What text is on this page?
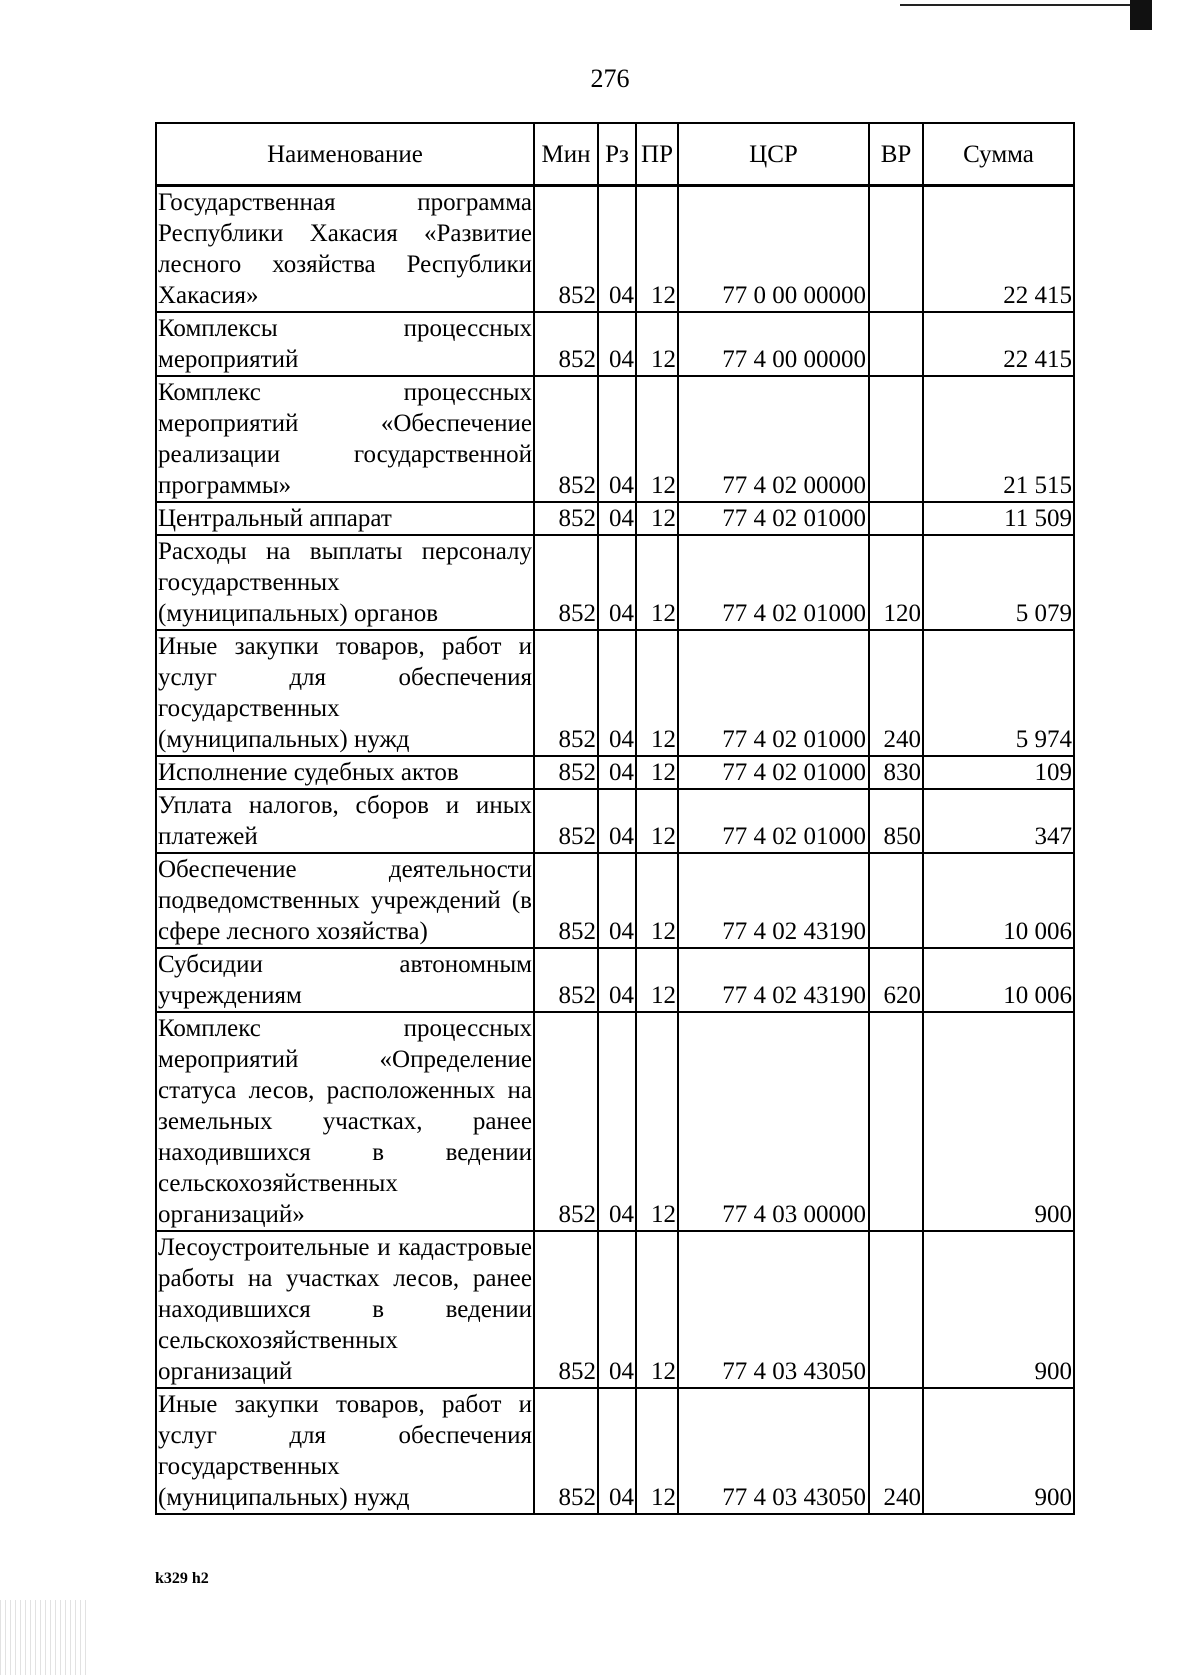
276
Наименование	Мин	Рз	ПР	ЦСР	ВР	Сумма
Государственная программа Республики Хакасия «Развитие лесного хозяйства Республики Хакасия»	852	04	12	77 0 00 00000		22 415
Комплексы процессных мероприятий	852	04	12	77 4 00 00000		22 415
Комплекс процессных мероприятий «Обеспечение реализации государственной программы»	852	04	12	77 4 02 00000		21 515
Центральный аппарат	852	04	12	77 4 02 01000		11 509
Расходы на выплаты персоналу государственных (муниципальных) органов	852	04	12	77 4 02 01000	120	5 079
Иные закупки товаров, работ и услуг для обеспечения государственных (муниципальных) нужд	852	04	12	77 4 02 01000	240	5 974
Исполнение судебных актов	852	04	12	77 4 02 01000	830	109
Уплата налогов, сборов и иных платежей	852	04	12	77 4 02 01000	850	347
Обеспечение деятельности подведомственных учреждений (в сфере лесного хозяйства)	852	04	12	77 4 02 43190		10 006
Субсидии автономным учреждениям	852	04	12	77 4 02 43190	620	10 006
Комплекс процессных мероприятий «Определение статуса лесов, расположенных на земельных участках, ранее находившихся в ведении сельскохозяйственных организаций»	852	04	12	77 4 03 00000		900
Лесоустроительные и кадастровые работы на участках лесов, ранее находившихся в ведении сельскохозяйственных организаций	852	04	12	77 4 03 43050		900
Иные закупки товаров, работ и услуг для обеспечения государственных (муниципальных) нужд	852	04	12	77 4 03 43050	240	900
k329 h2
